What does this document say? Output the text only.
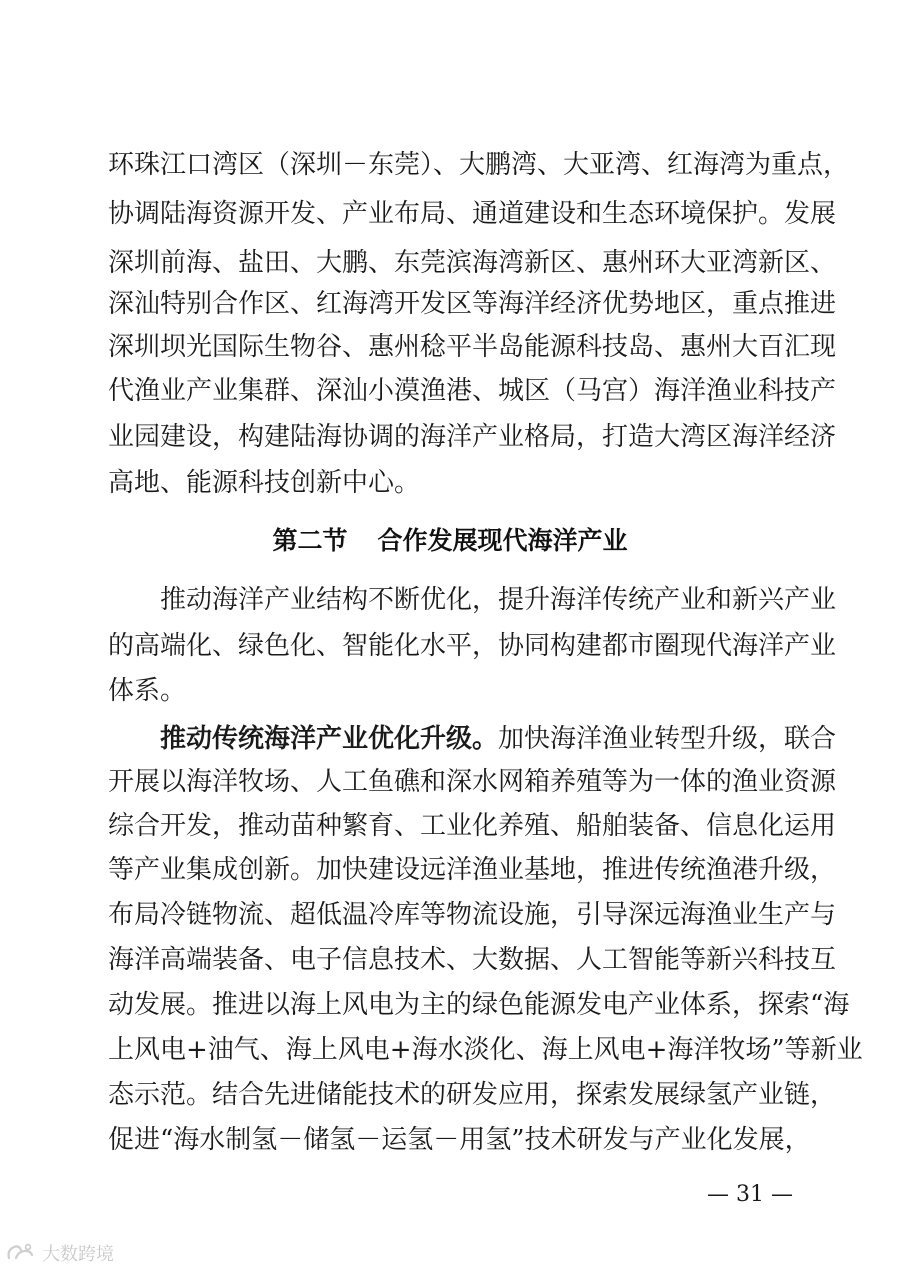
环珠江口湾区（深圳－东莞）、大鹏湾、大亚湾、红海湾为重点，
协调陆海资源开发、产业布局、通道建设和生态环境保护。发展
深圳前海、盐田、大鹏、东莞滨海湾新区、惠州环大亚湾新区、
深汕特别合作区、红海湾开发区等海洋经济优势地区，重点推进
深圳坝光国际生物谷、惠州稔平半岛能源科技岛、惠州大百汇现
代渔业产业集群、深汕小漠渔港、城区（马宫）海洋渔业科技产
业园建设，构建陆海协调的海洋产业格局，打造大湾区海洋经济
高地、能源科技创新中心。
第二节 合作发展现代海洋产业
推动海洋产业结构不断优化，提升海洋传统产业和新兴产业
的高端化、绿色化、智能化水平，协同构建都市圈现代海洋产业
体系。
推动传统海洋产业优化升级。加快海洋渔业转型升级，联合
开展以海洋牧场、人工鱼礁和深水网箱养殖等为一体的渔业资源
综合开发，推动苗种繁育、工业化养殖、船舶装备、信息化运用
等产业集成创新。加快建设远洋渔业基地，推进传统渔港升级，
布局冷链物流、超低温冷库等物流设施，引导深远海渔业生产与
海洋高端装备、电子信息技术、大数据、人工智能等新兴科技互
动发展。推进以海上风电为主的绿色能源发电产业体系，探索“海
上风电+油气、海上风电+海水淡化、海上风电+海洋牧场”等新业
态示范。结合先进储能技术的研发应用，探索发展绿氢产业链，
促进“海水制氢－储氢－运氢－用氢”技术研发与产业化发展，
— 31 —
大数跨境
